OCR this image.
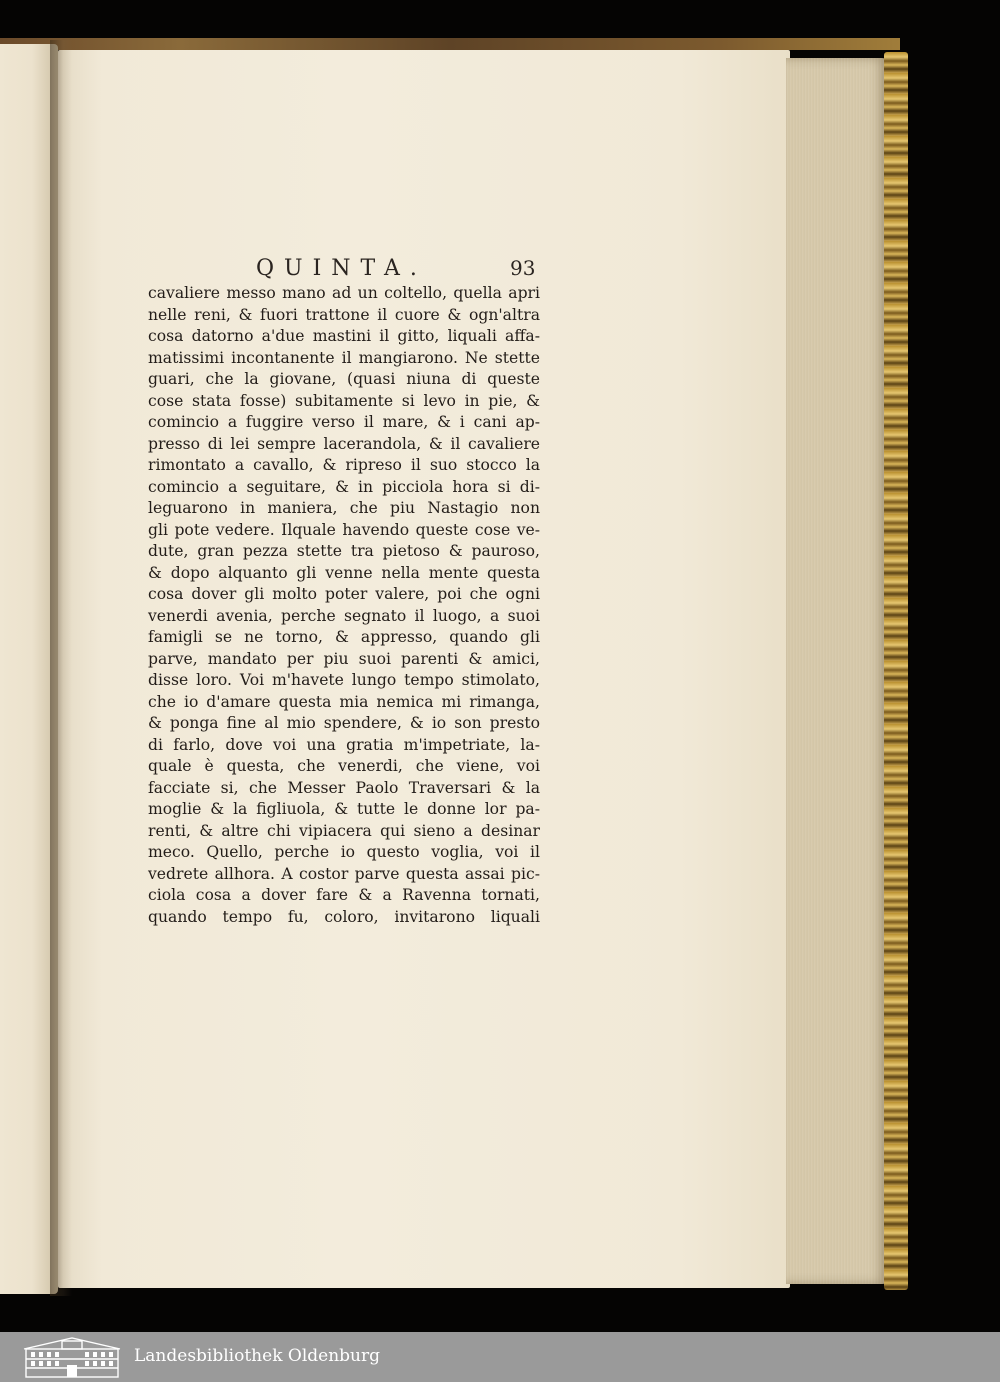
QUINTA.	93
cavaliere messo mano ad un coltello, quella apri
nelle reni, & fuori trattone il cuore & ogn'altra
cosa datorno a'due mastini il gitto, liquali affa-
matissimi incontanente il mangiarono. Ne stette
guari, che la giovane, (quasi niuna di queste
cose stata fosse) subitamente si levo in pie, &
comincio a fuggire verso il mare, & i cani ap-
presso di lei sempre lacerandola, & il cavaliere
rimontato a cavallo, & ripreso il suo stocco la
comincio a seguitare, & in picciola hora si di-
leguarono in maniera, che piu Nastagio non
gli pote vedere. Ilquale havendo queste cose ve-
dute, gran pezza stette tra pietoso & pauroso,
& dopo alquanto gli venne nella mente questa
cosa dover gli molto poter valere, poi che ogni
venerdi avenia, perche segnato il luogo, a suoi
famigli se ne torno, & appresso, quando gli
parve, mandato per piu suoi parenti & amici,
disse loro. Voi m'havete lungo tempo stimolato,
che io d'amare questa mia nemica mi rimanga,
& ponga fine al mio spendere, & io son presto
di farlo, dove voi una gratia m'impetriate, la-
quale è questa, che venerdi, che viene, voi
facciate si, che Messer Paolo Traversari & la
moglie & la figliuola, & tutte le donne lor pa-
renti, & altre chi vipiacera qui sieno a desinar
meco. Quello, perche io questo voglia, voi il
vedrete allhora. A costor parve questa assai pic-
ciola cosa a dover fare & a Ravenna tornati,
quando tempo fu, coloro, invitarono liquali
Landesbibliothek Oldenburg
